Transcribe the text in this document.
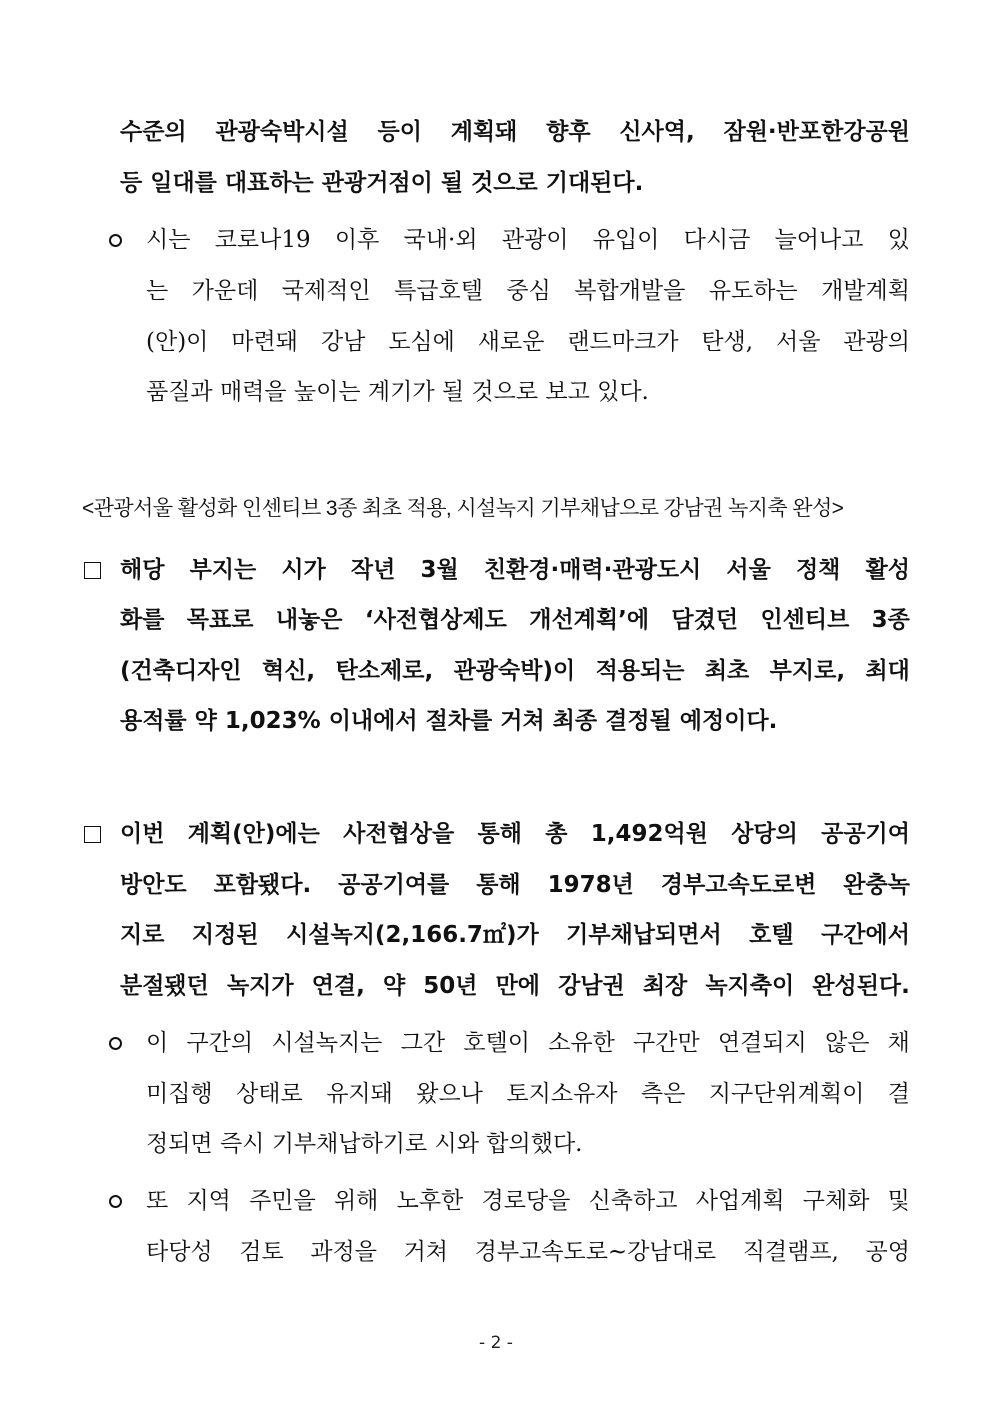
수준의 관광숙박시설 등이 계획돼 향후 신사역, 잠원·반포한강공원
등 일대를 대표하는 관광거점이 될 것으로 기대된다.
시는 코로나19 이후 국내·외 관광이 유입이 다시금 늘어나고 있
는 가운데 국제적인 특급호텔 중심 복합개발을 유도하는 개발계획
(안)이 마련돼 강남 도심에 새로운 랜드마크가 탄생, 서울 관광의
품질과 매력을 높이는 계기가 될 것으로 보고 있다.
<관광서울 활성화 인센티브 3종 최초 적용, 시설녹지 기부채납으로 강남권 녹지축 완성>
해당 부지는 시가 작년 3월 친환경·매력·관광도시 서울 정책 활성
화를 목표로 내놓은 ‘사전협상제도 개선계획’에 담겼던 인센티브 3종
(건축디자인 혁신, 탄소제로, 관광숙박)이 적용되는 최초 부지로, 최대
용적률 약 1,023% 이내에서 절차를 거쳐 최종 결정될 예정이다.
이번 계획(안)에는 사전협상을 통해 총 1,492억원 상당의 공공기여
방안도 포함됐다. 공공기여를 통해 1978년 경부고속도로변 완충녹
지로 지정된 시설녹지(2,166.7㎡)가 기부채납되면서 호텔 구간에서
분절됐던 녹지가 연결, 약 50년 만에 강남권 최장 녹지축이 완성된다.
이 구간의 시설녹지는 그간 호텔이 소유한 구간만 연결되지 않은 채
미집행 상태로 유지돼 왔으나 토지소유자 측은 지구단위계획이 결
정되면 즉시 기부채납하기로 시와 합의했다.
또 지역 주민을 위해 노후한 경로당을 신축하고 사업계획 구체화 및
타당성 검토 과정을 거쳐 경부고속도로~강남대로 직결램프, 공영
- 2 -
